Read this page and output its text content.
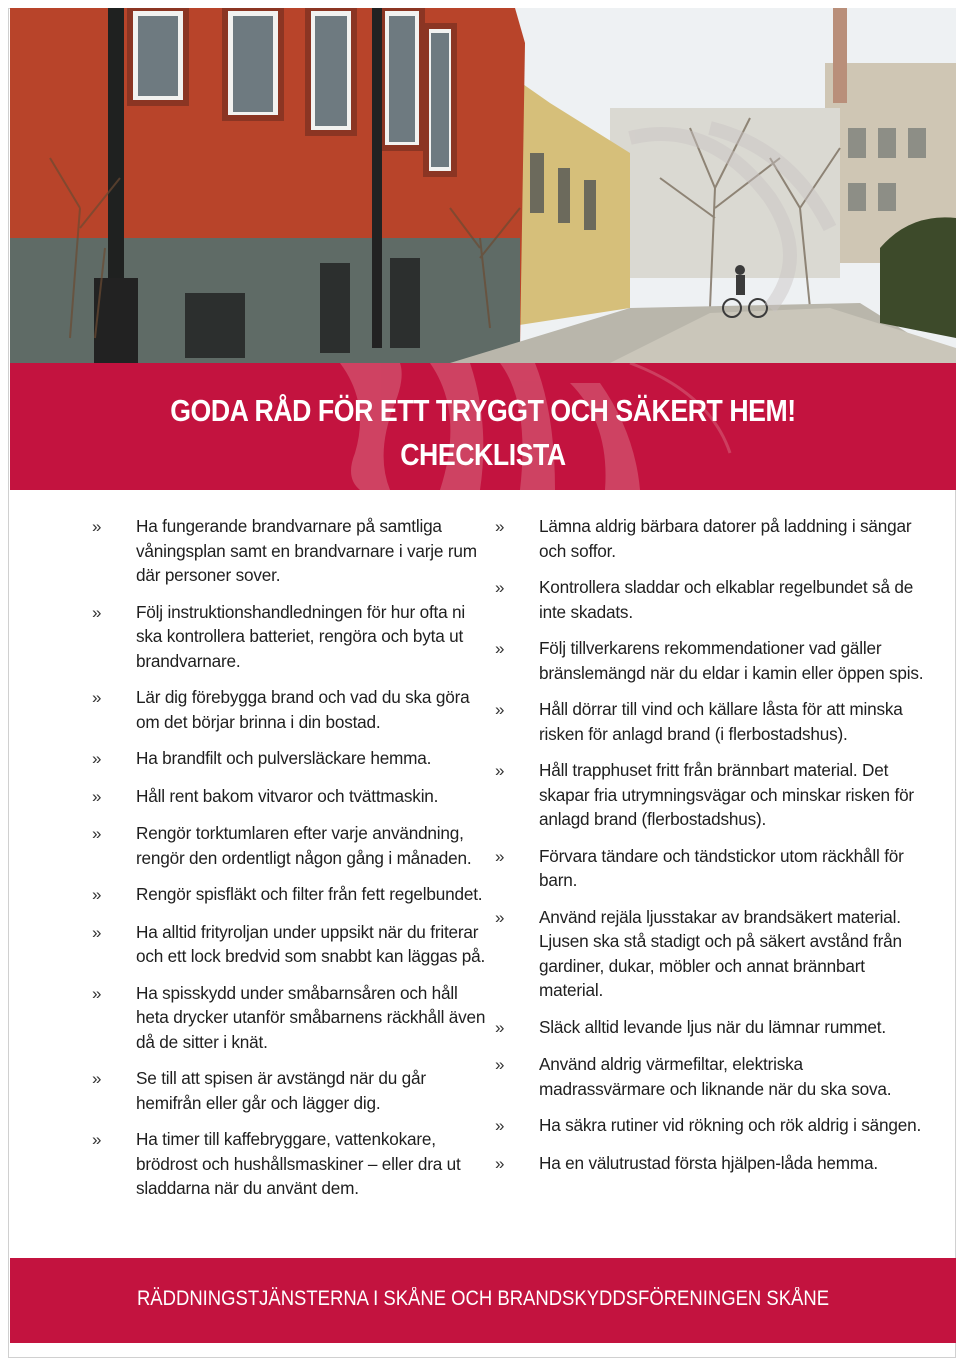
GODA RÅD FÖR ETT TRYGGT OCH SÄKERT HEM!
CHECKLISTA
»	Ha fungerande brandvarnare på samtliga våningsplan samt en brandvarnare i varje rum där personer sover.
»	Följ instruktionshandledningen för hur ofta ni ska kontrollera batteriet, rengöra och byta ut brandvarnare.
»	Lär dig förebygga brand och vad du ska göra om det börjar brinna i din bostad.
»	Ha brandfilt och pulversläckare hemma.
»	Håll rent bakom vitvaror och tvättmaskin.
»	Rengör torktumlaren efter varje användning, rengör den ordentligt någon gång i månaden.
»	Rengör spisfläkt och filter från fett regelbundet.
»	Ha alltid frityroljan under uppsikt när du friterar och ett lock bredvid som snabbt kan läggas på.
»	Ha spisskydd under småbarnsåren och håll heta drycker utanför småbarnens räckhåll även då de sitter i knät.
»	Se till att spisen är avstängd när du går hemifrån eller går och lägger dig.
»	Ha timer till kaffebryggare, vattenkokare, brödrost och hushållsmaskiner – eller dra ut sladdarna när du använt dem.
»	Lämna aldrig bärbara datorer på laddning i sängar och soffor.
»	Kontrollera sladdar och elkablar regelbundet så de inte skadats.
»	Följ tillverkarens rekommendationer vad gäller bränslemängd när du eldar i kamin eller öppen spis.
»	Håll dörrar till vind och källare låsta för att minska risken för anlagd brand (i flerbostadshus).
»	Håll trapphuset fritt från brännbart material. Det skapar fria utrymningsvägar och minskar risken för anlagd brand (flerbostadshus).
»	Förvara tändare och tändstickor utom räckhåll för barn.
»	Använd rejäla ljusstakar av brandsäkert material. Ljusen ska stå stadigt och på säkert avstånd från gardiner, dukar, möbler och annat brännbart material.
»	Släck alltid levande ljus när du lämnar rummet.
»	Använd aldrig värmefiltar, elektriska madrassvärmare och liknande när du ska sova.
»	Ha säkra rutiner vid rökning och rök aldrig i sängen.
»	Ha en välutrustad första hjälpen-låda hemma.
RÄDDNINGSTJÄNSTERNA I SKÅNE OCH BRANDSKYDDSFÖRENINGEN SKÅNE
